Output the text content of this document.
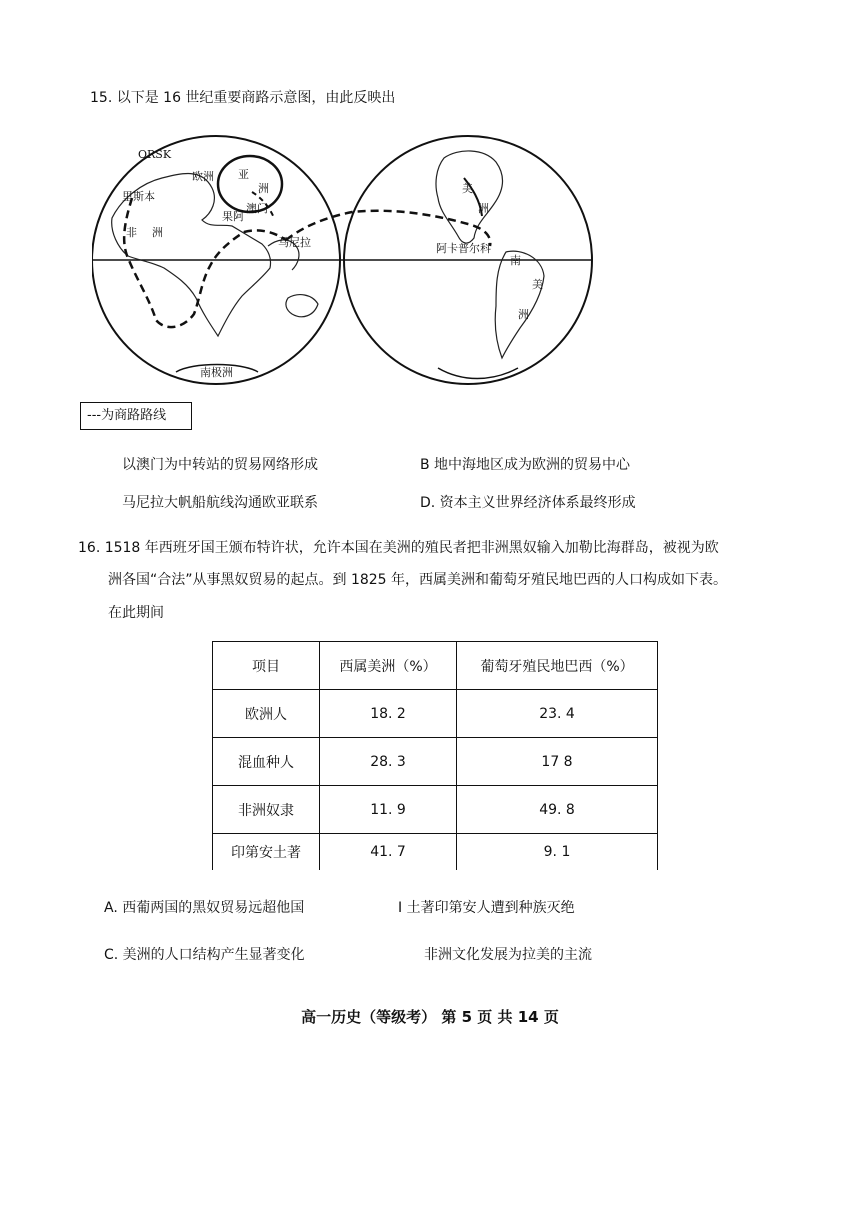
15. 以下是 16 世纪重要商路示意图，由此反映出
ORSK
里斯本
欧洲 亚
洲
果阿
澳门
马尼拉
非 洲
南极洲
美
洲
阿卡普尔科
南
美
洲
---为商路路线
以澳门为中转站的贸易网络形成	B 地中海地区成为欧洲的贸易中心
马尼拉大帆船航线沟通欧亚联系	D. 资本主义世界经济体系最终形成
16. 1518 年西班牙国王颁布特许状，允许本国在美洲的殖民者把非洲黑奴输入加勒比海群岛，被视为欧
洲各国“合法”从事黑奴贸易的起点。到 1825 年，西属美洲和葡萄牙殖民地巴西的人口构成如下表。
在此期间
项目	西属美洲（%）	葡萄牙殖民地巴西（%）
欧洲人	18. 2	23. 4
混血种人	28. 3	17 8
非洲奴隶	11. 9	49. 8
印第安土著	41. 7	9. 1
A. 西葡两国的黑奴贸易远超他国	I 土著印第安人遭到种族灭绝
C. 美洲的人口结构产生显著变化	非洲文化发展为拉美的主流
高一历史（等级考） 第 5 页 共 14 页
